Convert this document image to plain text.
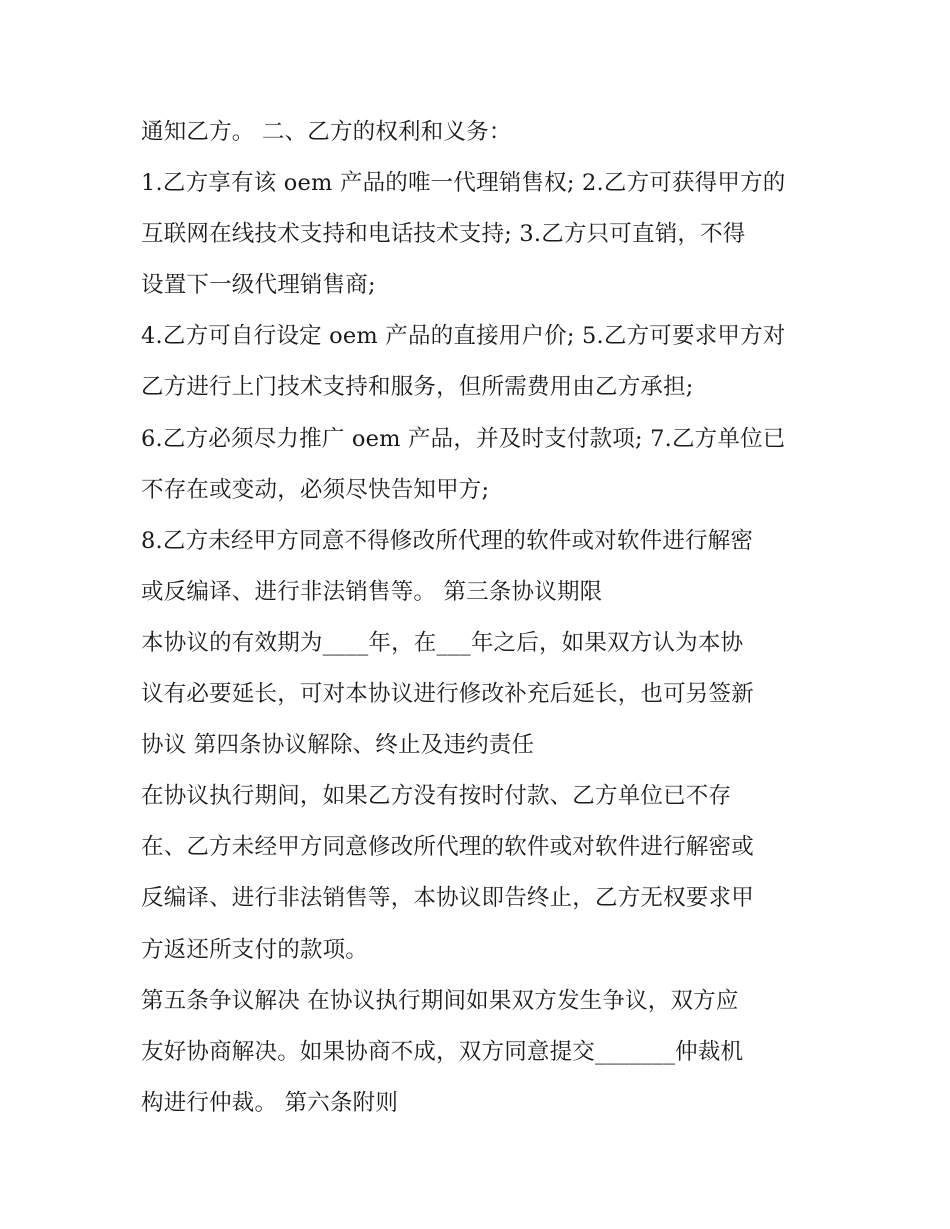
通知乙方。 二、乙方的权利和义务：
1.乙方享有该 oem 产品的唯一代理销售权; 2.乙方可获得甲方的
互联网在线技术支持和电话技术支持; 3.乙方只可直销，不得
设置下一级代理销售商;
4.乙方可自行设定 oem 产品的直接用户价; 5.乙方可要求甲方对
乙方进行上门技术支持和服务，但所需费用由乙方承担;
6.乙方必须尽力推广 oem 产品，并及时支付款项; 7.乙方单位已
不存在或变动，必须尽快告知甲方;
8.乙方未经甲方同意不得修改所代理的软件或对软件进行解密
或反编译、进行非法销售等。 第三条协议期限
本协议的有效期为____年，在___年之后，如果双方认为本协
议有必要延长，可对本协议进行修改补充后延长，也可另签新
协议 第四条协议解除、终止及违约责任
在协议执行期间，如果乙方没有按时付款、乙方单位已不存
在、乙方未经甲方同意修改所代理的软件或对软件进行解密或
反编译、进行非法销售等，本协议即告终止，乙方无权要求甲
方返还所支付的款项。
第五条争议解决 在协议执行期间如果双方发生争议，双方应
友好协商解决。如果协商不成，双方同意提交_______仲裁机
构进行仲裁。 第六条附则
